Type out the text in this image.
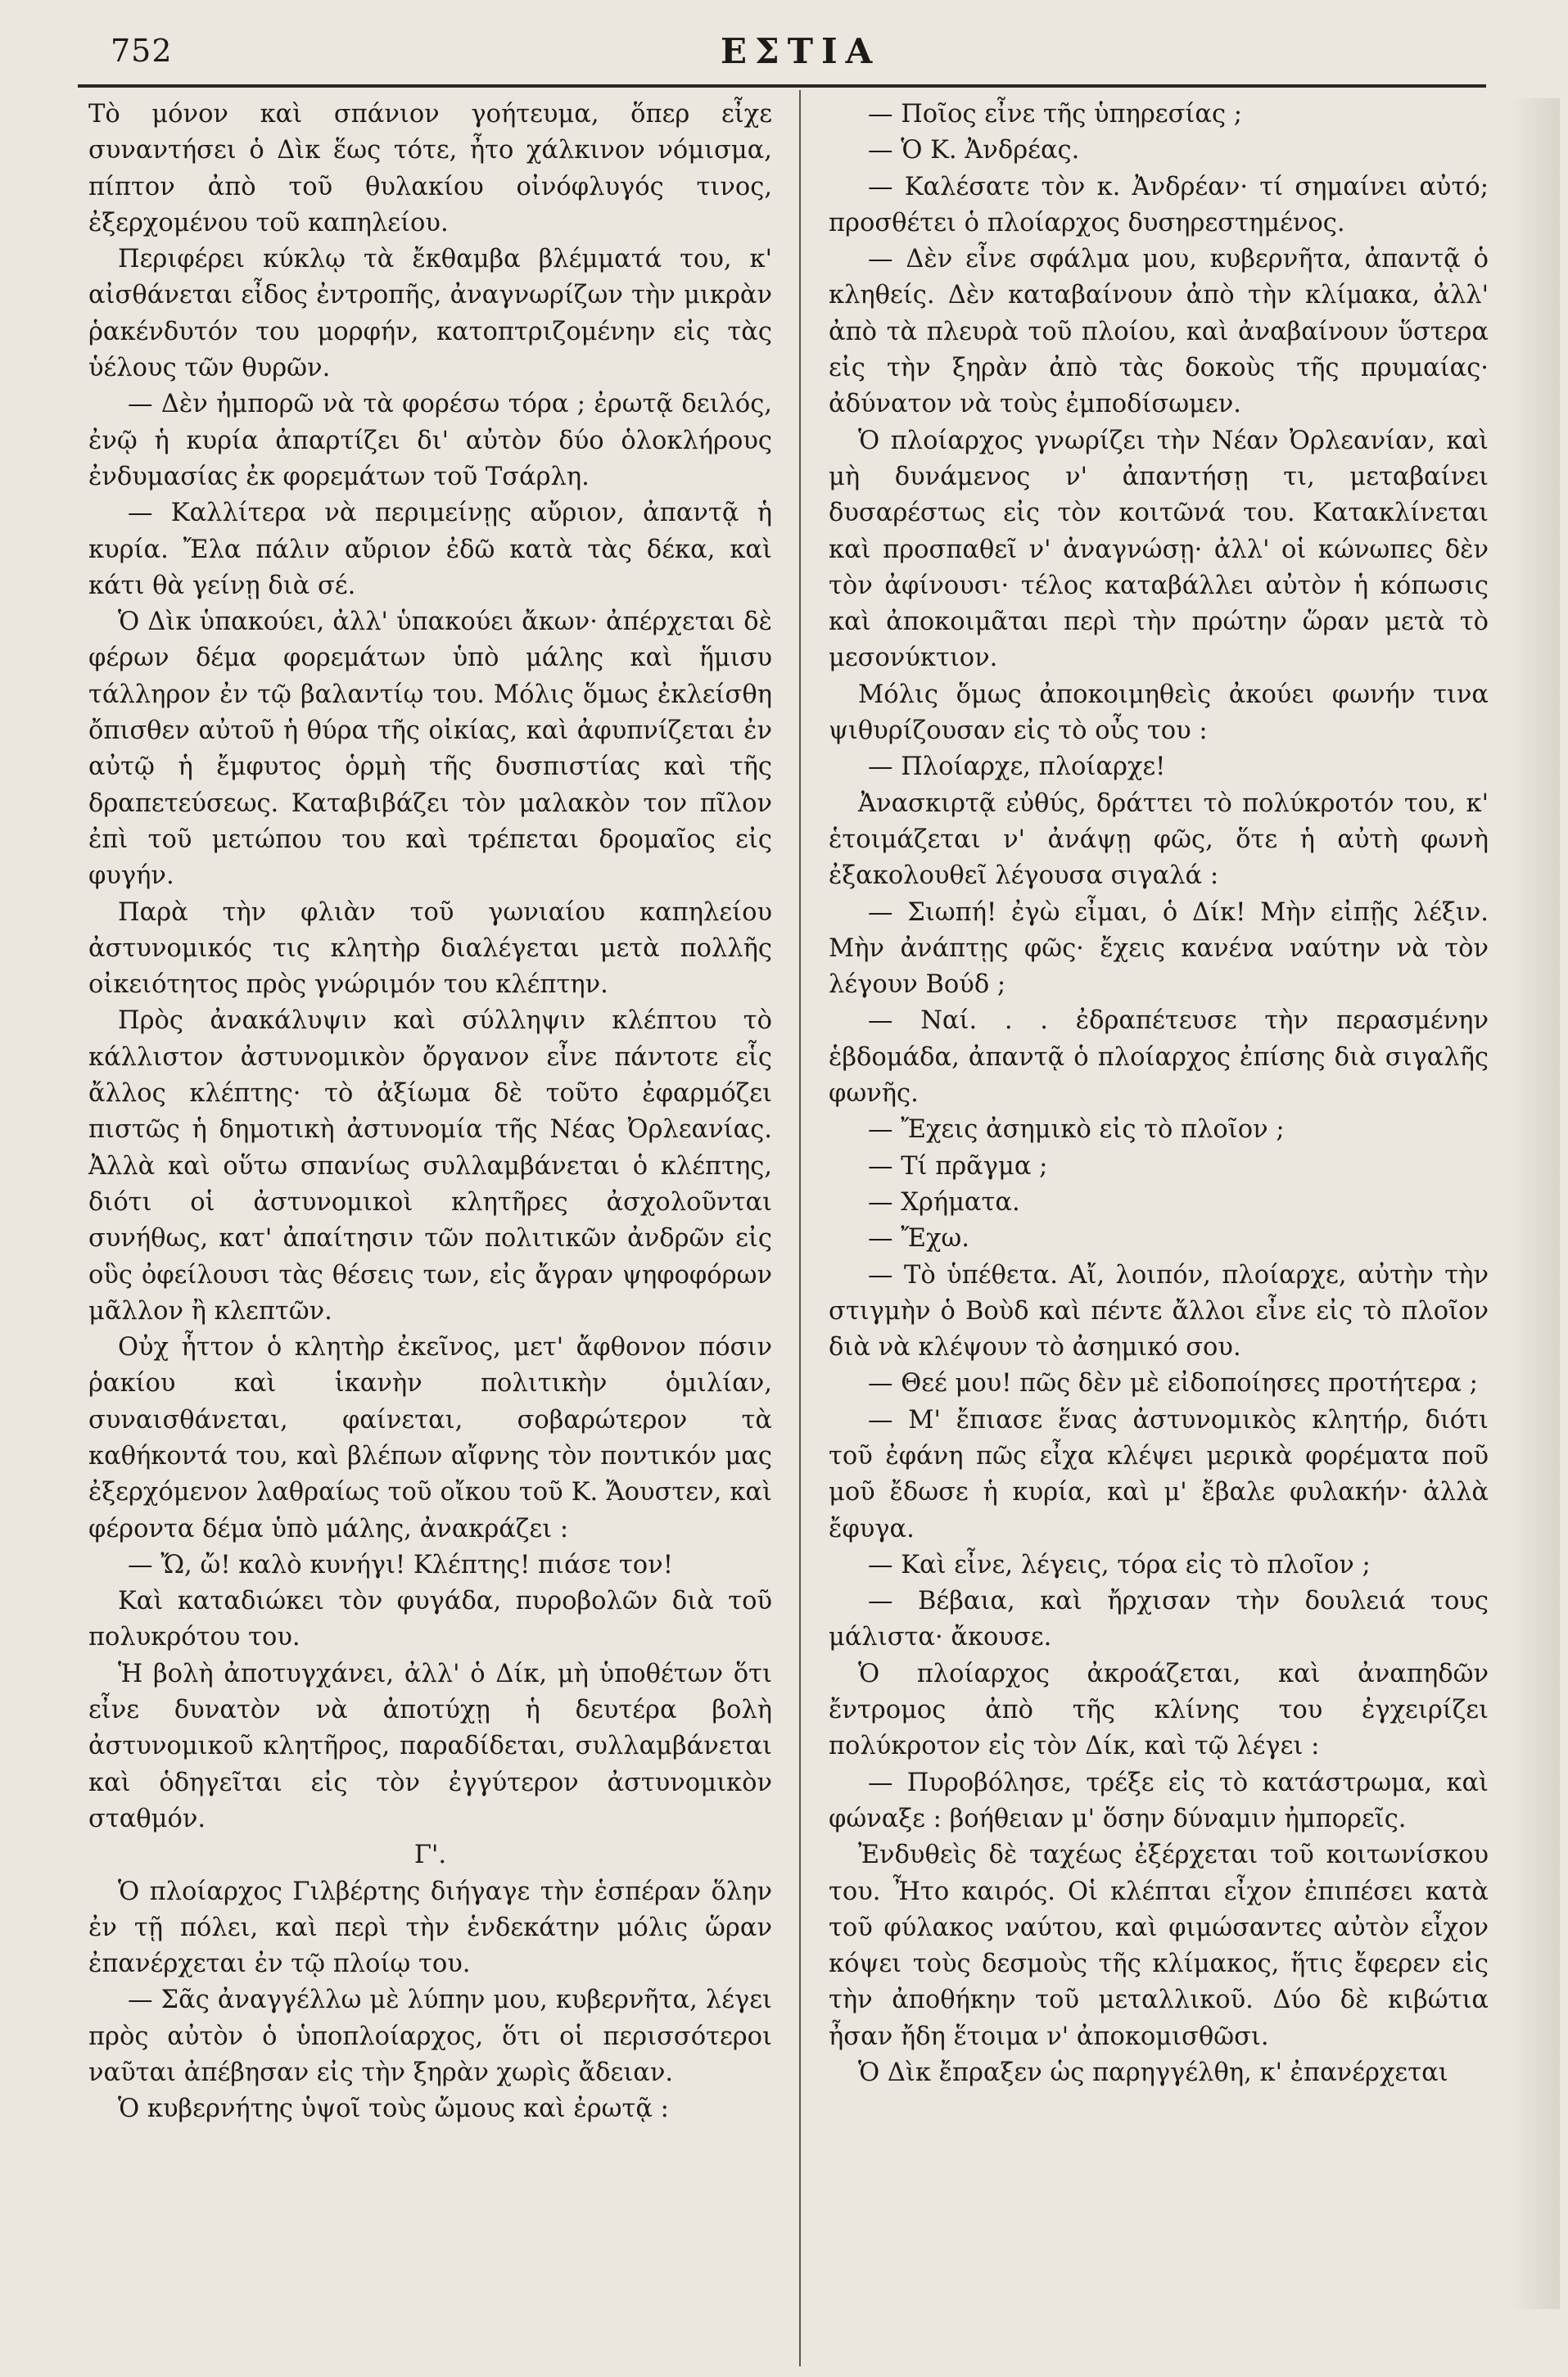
752	ΕΣΤΙΑ

Τὸ μόνον καὶ σπάνιον γοήτευμα, ὅπερ εἶχε συναντήσει ὁ Δὶκ ἕως τότε, ἦτο χάλκινον νόμισμα, πίπτον ἀπὸ τοῦ θυλακίου οἰνόφλυγός τινος, ἐξερχομένου τοῦ καπηλείου.

Περιφέρει κύκλῳ τὰ ἔκθαμβα βλέμματά του, κ' αἰσθάνεται εἶδος ἐντροπῆς, ἀναγνωρίζων τὴν μικρὰν ῥακένδυτόν του μορφήν, κατοπτριζομένην εἰς τὰς ὑέλους τῶν θυρῶν.

— Δὲν ἠμπορῶ νὰ τὰ φορέσω τόρα ; ἐρωτᾷ δειλός, ἐνῷ ἡ κυρία ἀπαρτίζει δι' αὐτὸν δύο ὁλοκλήρους ἐνδυμασίας ἐκ φορεμάτων τοῦ Τσάρλη.

— Καλλίτερα νὰ περιμείνῃς αὔριον, ἀπαντᾷ ἡ κυρία. Ἔλα πάλιν αὔριον ἐδῶ κατὰ τὰς δέκα, καὶ κάτι θὰ γείνῃ διὰ σέ.

Ὁ Δὶκ ὑπακούει, ἀλλ' ὑπακούει ἄκων· ἀπέρχεται δὲ φέρων δέμα φορεμάτων ὑπὸ μάλης καὶ ἥμισυ τάλληρον ἐν τῷ βαλαντίῳ του. Μόλις ὅμως ἐκλείσθη ὄπισθεν αὐτοῦ ἡ θύρα τῆς οἰκίας, καὶ ἀφυπνίζεται ἐν αὐτῷ ἡ ἔμφυτος ὁρμὴ τῆς δυσπιστίας καὶ τῆς δραπετεύσεως. Καταβιβάζει τὸν μαλακὸν τον πῖλον ἐπὶ τοῦ μετώπου του καὶ τρέπεται δρομαῖος εἰς φυγήν.

Παρὰ τὴν φλιὰν τοῦ γωνιαίου καπηλείου ἀστυνομικός τις κλητὴρ διαλέγεται μετὰ πολλῆς οἰκειότητος πρὸς γνώριμόν του κλέπτην.

Πρὸς ἀνακάλυψιν καὶ σύλληψιν κλέπτου τὸ κάλλιστον ἀστυνομικὸν ὄργανον εἶνε πάντοτε εἷς ἄλλος κλέπτης· τὸ ἀξίωμα δὲ τοῦτο ἐφαρμόζει πιστῶς ἡ δημοτικὴ ἀστυνομία τῆς Νέας Ὀρλεανίας. Ἀλλὰ καὶ οὕτω σπανίως συλλαμβάνεται ὁ κλέπτης, διότι οἱ ἀστυνομικοὶ κλητῆρες ἀσχολοῦνται συνήθως, κατ' ἀπαίτησιν τῶν πολιτικῶν ἀνδρῶν εἰς οὓς ὀφείλουσι τὰς θέσεις των, εἰς ἄγραν ψηφοφόρων μᾶλλον ἢ κλεπτῶν.

Οὐχ ἧττον ὁ κλητὴρ ἐκεῖνος, μετ' ἄφθονον πόσιν ῥακίου καὶ ἱκανὴν πολιτικὴν ὁμιλίαν, συναισθάνεται, φαίνεται, σοβαρώτερον τὰ καθήκοντά του, καὶ βλέπων αἴφνης τὸν ποντικόν μας ἐξερχόμενον λαθραίως τοῦ οἴκου τοῦ Κ. Ἄουστεν, καὶ φέροντα δέμα ὑπὸ μάλης, ἀνακράζει :

— Ὤ, ὤ! καλὸ κυνήγι! Κλέπτης! πιάσε τον!

Καὶ καταδιώκει τὸν φυγάδα, πυροβολῶν διὰ τοῦ πολυκρότου του.

Ἡ βολὴ ἀποτυγχάνει, ἀλλ' ὁ Δίκ, μὴ ὑποθέτων ὅτι εἶνε δυνατὸν νὰ ἀποτύχῃ ἡ δευτέρα βολὴ ἀστυνομικοῦ κλητῆρος, παραδίδεται, συλλαμβάνεται καὶ ὁδηγεῖται εἰς τὸν ἐγγύτερον ἀστυνομικὸν σταθμόν.

Γ'.

Ὁ πλοίαρχος Γιλβέρτης διήγαγε τὴν ἑσπέραν ὅλην ἐν τῇ πόλει, καὶ περὶ τὴν ἑνδεκάτην μόλις ὥραν ἐπανέρχεται ἐν τῷ πλοίῳ του.

— Σᾶς ἀναγγέλλω μὲ λύπην μου, κυβερνῆτα, λέγει πρὸς αὐτὸν ὁ ὑποπλοίαρχος, ὅτι οἱ περισσότεροι ναῦται ἀπέβησαν εἰς τὴν ξηρὰν χωρὶς ἄδειαν.

Ὁ κυβερνήτης ὑψοῖ τοὺς ὤμους καὶ ἐρωτᾷ :

— Ποῖος εἶνε τῆς ὑπηρεσίας ;

— Ὁ Κ. Ἀνδρέας.

— Καλέσατε τὸν κ. Ἀνδρέαν· τί σημαίνει αὐτό; προσθέτει ὁ πλοίαρχος δυσηρεστημένος.

— Δὲν εἶνε σφάλμα μου, κυβερνῆτα, ἀπαντᾷ ὁ κληθείς. Δὲν καταβαίνουν ἀπὸ τὴν κλίμακα, ἀλλ' ἀπὸ τὰ πλευρὰ τοῦ πλοίου, καὶ ἀναβαίνουν ὕστερα εἰς τὴν ξηρὰν ἀπὸ τὰς δοκοὺς τῆς πρυμαίας· ἀδύνατον νὰ τοὺς ἐμποδίσωμεν.

Ὁ πλοίαρχος γνωρίζει τὴν Νέαν Ὀρλεανίαν, καὶ μὴ δυνάμενος ν' ἀπαντήσῃ τι, μεταβαίνει δυσαρέστως εἰς τὸν κοιτῶνά του. Κατακλίνεται καὶ προσπαθεῖ ν' ἀναγνώσῃ· ἀλλ' οἱ κώνωπες δὲν τὸν ἀφίνουσι· τέλος καταβάλλει αὐτὸν ἡ κόπωσις καὶ ἀποκοιμᾶται περὶ τὴν πρώτην ὥραν μετὰ τὸ μεσονύκτιον.

Μόλις ὅμως ἀποκοιμηθεὶς ἀκούει φωνήν τινα ψιθυρίζουσαν εἰς τὸ οὖς του :

— Πλοίαρχε, πλοίαρχε!

Ἀνασκιρτᾷ εὐθύς, δράττει τὸ πολύκροτόν του, κ' ἑτοιμάζεται ν' ἀνάψῃ φῶς, ὅτε ἡ αὐτὴ φωνὴ ἐξακολουθεῖ λέγουσα σιγαλά :

— Σιωπή! ἐγὼ εἶμαι, ὁ Δίκ! Μὴν εἰπῇς λέξιν. Μὴν ἀνάπτῃς φῶς· ἔχεις κανένα ναύτην νὰ τὸν λέγουν Βούδ ;

— Ναί. . . ἐδραπέτευσε τὴν περασμένην ἑβδομάδα, ἀπαντᾷ ὁ πλοίαρχος ἐπίσης διὰ σιγαλῆς φωνῆς.

— Ἔχεις ἀσημικὸ εἰς τὸ πλοῖον ;

— Τί πρᾶγμα ;

— Χρήματα.

— Ἔχω.

— Τὸ ὑπέθετα. Αἴ, λοιπόν, πλοίαρχε, αὐτὴν τὴν στιγμὴν ὁ Βοὺδ καὶ πέντε ἄλλοι εἶνε εἰς τὸ πλοῖον διὰ νὰ κλέψουν τὸ ἀσημικό σου.

— Θεέ μου! πῶς δὲν μὲ εἰδοποίησες προτήτερα ;

— Μ' ἔπιασε ἕνας ἀστυνομικὸς κλητήρ, διότι τοῦ ἐφάνη πῶς εἶχα κλέψει μερικὰ φορέματα ποῦ μοῦ ἔδωσε ἡ κυρία, καὶ μ' ἔβαλε φυλακήν· ἀλλὰ ἔφυγα.

— Καὶ εἶνε, λέγεις, τόρα εἰς τὸ πλοῖον ;

— Βέβαια, καὶ ἤρχισαν τὴν δουλειά τους μάλιστα· ἄκουσε.

Ὁ πλοίαρχος ἀκροάζεται, καὶ ἀναπηδῶν ἔντρομος ἀπὸ τῆς κλίνης του ἐγχειρίζει πολύκροτον εἰς τὸν Δίκ, καὶ τῷ λέγει :

— Πυροβόλησε, τρέξε εἰς τὸ κατάστρωμα, καὶ φώναξε : βοήθειαν μ' ὅσην δύναμιν ἠμπορεῖς.

Ἐνδυθεὶς δὲ ταχέως ἐξέρχεται τοῦ κοιτωνίσκου του. Ἦτο καιρός. Οἱ κλέπται εἶχον ἐπιπέσει κατὰ τοῦ φύλακος ναύτου, καὶ φιμώσαντες αὐτὸν εἶχον κόψει τοὺς δεσμοὺς τῆς κλίμακος, ἥτις ἔφερεν εἰς τὴν ἀποθήκην τοῦ μεταλλικοῦ. Δύο δὲ κιβώτια ἦσαν ἤδη ἕτοιμα ν' ἀποκομισθῶσι.

Ὁ Δὶκ ἔπραξεν ὡς παρηγγέλθη, κ' ἐπανέρχεται
